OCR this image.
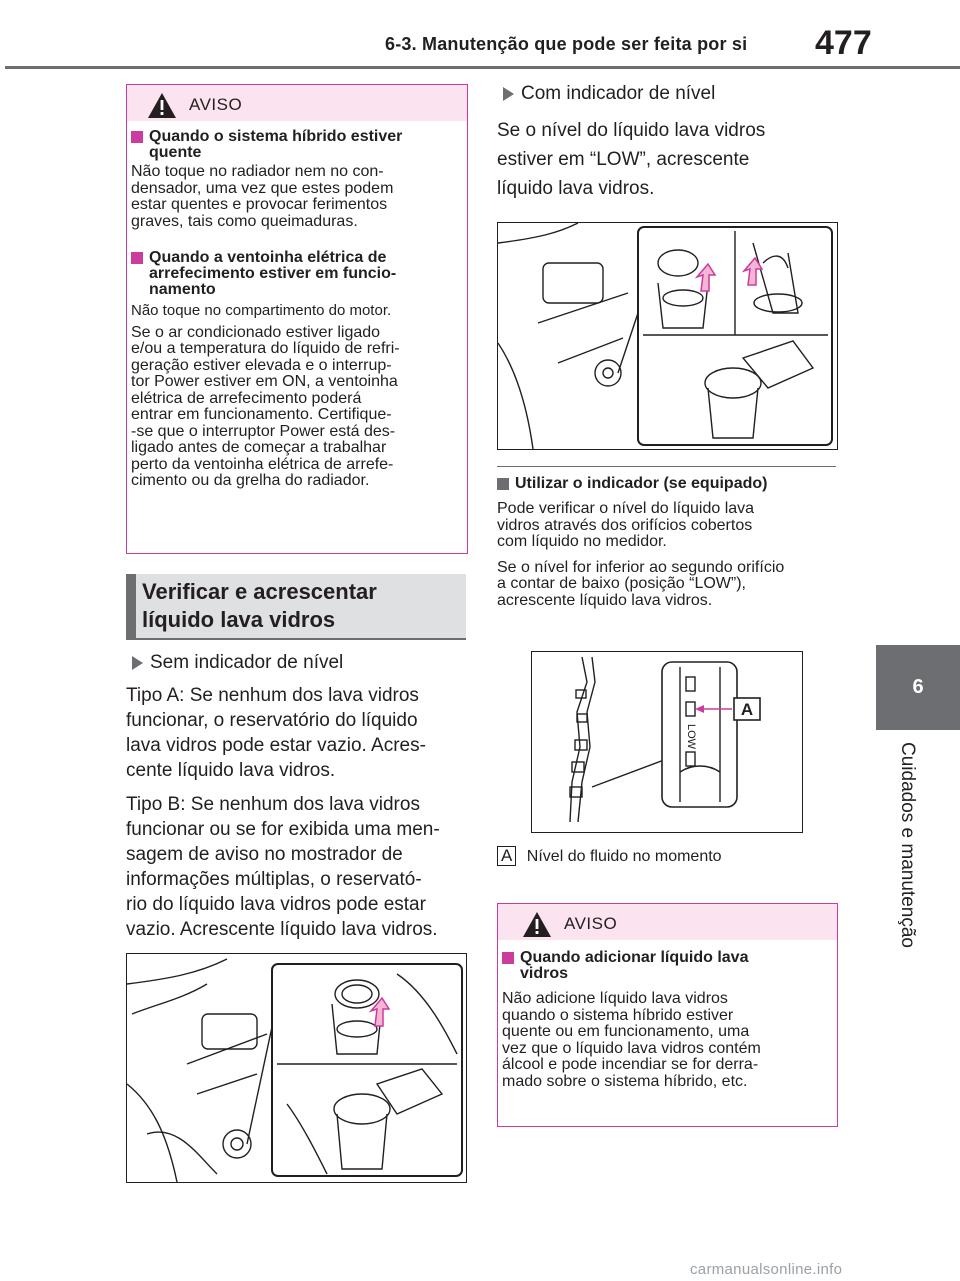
6-3. Manutenção que pode ser feita por si 477
6
Cuidados e manutenção
AVISO
Quando o sistema híbrido estiver
quente
Não toque no radiador nem no con-
densador, uma vez que estes podem
estar quentes e provocar ferimentos
graves, tais como queimaduras.
Quando a ventoinha elétrica de
arrefecimento estiver em funcio-
namento
Não toque no compartimento do motor.
Se o ar condicionado estiver ligado
e/ou a temperatura do líquido de refri-
geração estiver elevada e o interrup-
tor Power estiver em ON, a ventoinha
elétrica de arrefecimento poderá
entrar em funcionamento. Certifique-
-se que o interruptor Power está des-
ligado antes de começar a trabalhar
perto da ventoinha elétrica de arrefe-
cimento ou da grelha do radiador.
Verificar e acrescentar
líquido lava vidros
Sem indicador de nível
Tipo A: Se nenhum dos lava vidros
funcionar, o reservatório do líquido
lava vidros pode estar vazio. Acres-
cente líquido lava vidros.
Tipo B: Se nenhum dos lava vidros
funcionar ou se for exibida uma men-
sagem de aviso no mostrador de
informações múltiplas, o reservató-
rio do líquido lava vidros pode estar
vazio. Acrescente líquido lava vidros.
Com indicador de nível
Se o nível do líquido lava vidros
estiver em “LOW”, acrescente
líquido lava vidros.
Utilizar o indicador (se equipado)
Pode verificar o nível do líquido lava
vidros através dos orifícios cobertos
com líquido no medidor.
Se o nível for inferior ao segundo orifício
a contar de baixo (posição “LOW”),
acrescente líquido lava vidros.
A
LOW
A Nível do fluido no momento
AVISO
Quando adicionar líquido lava
vidros
Não adicione líquido lava vidros
quando o sistema híbrido estiver
quente ou em funcionamento, uma
vez que o líquido lava vidros contém
álcool e pode incendiar se for derra-
mado sobre o sistema híbrido, etc.
carmanualsonline.info
